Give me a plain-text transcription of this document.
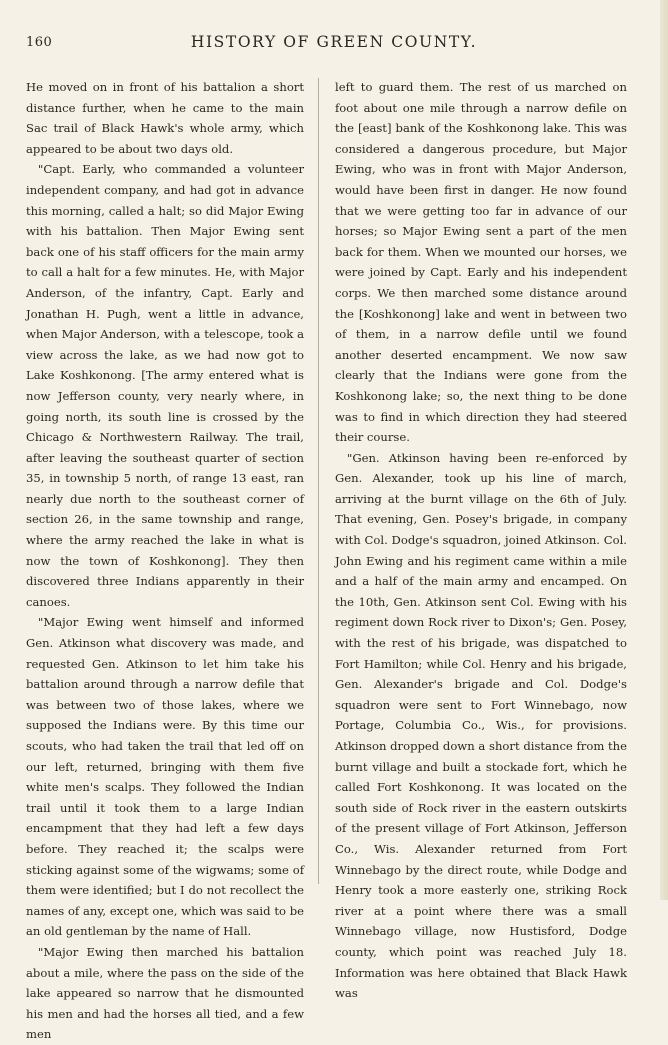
160	HISTORY OF GREEN COUNTY.

He moved on in front of his battalion a short distance further, when he came to the main Sac trail of Black Hawk's whole army, which appeared to be about two days old.

"Capt. Early, who commanded a volunteer independent company, and had got in advance this morning, called a halt; so did Major Ewing with his battalion. Then Major Ewing sent back one of his staff officers for the main army to call a halt for a few minutes. He, with Major Anderson, of the infantry, Capt. Early and Jonathan H. Pugh, went a little in advance, when Major Anderson, with a telescope, took a view across the lake, as we had now got to Lake Koshkonong. [The army entered what is now Jefferson county, very nearly where, in going north, its south line is crossed by the Chicago & Northwestern Railway. The trail, after leaving the southeast quarter of section 35, in township 5 north, of range 13 east, ran nearly due north to the southeast corner of section 26, in the same township and range, where the army reached the lake in what is now the town of Koshkonong]. They then discovered three Indians apparently in their canoes.

"Major Ewing went himself and informed Gen. Atkinson what discovery was made, and requested Gen. Atkinson to let him take his battalion around through a narrow defile that was between two of those lakes, where we supposed the Indians were. By this time our scouts, who had taken the trail that led off on our left, returned, bringing with them five white men's scalps. They followed the Indian trail until it took them to a large Indian encampment that they had left a few days before. They reached it; the scalps were sticking against some of the wigwams; some of them were identified; but I do not recollect the names of any, except one, which was said to be an old gentleman by the name of Hall.

"Major Ewing then marched his battalion about a mile, where the pass on the side of the lake appeared so narrow that he dismounted his men and had the horses all tied, and a few men

left to guard them. The rest of us marched on foot about one mile through a narrow defile on the [east] bank of the Koshkonong lake. This was considered a dangerous procedure, but Major Ewing, who was in front with Major Anderson, would have been first in danger. He now found that we were getting too far in advance of our horses; so Major Ewing sent a part of the men back for them. When we mounted our horses, we were joined by Capt. Early and his independent corps. We then marched some distance around the [Koshkonong] lake and went in between two of them, in a narrow defile until we found another deserted encampment. We now saw clearly that the Indians were gone from the Koshkonong lake; so, the next thing to be done was to find in which direction they had steered their course.

"Gen. Atkinson having been re-enforced by Gen. Alexander, took up his line of march, arriving at the burnt village on the 6th of July. That evening, Gen. Posey's brigade, in company with Col. Dodge's squadron, joined Atkinson. Col. John Ewing and his regiment came within a mile and a half of the main army and encamped. On the 10th, Gen. Atkinson sent Col. Ewing with his regiment down Rock river to Dixon's; Gen. Posey, with the rest of his brigade, was dispatched to Fort Hamilton; while Col. Henry and his brigade, Gen. Alexander's brigade and Col. Dodge's squadron were sent to Fort Winnebago, now Portage, Columbia Co., Wis., for provisions. Atkinson dropped down a short distance from the burnt village and built a stockade fort, which he called Fort Koshkonong. It was located on the south side of Rock river in the eastern outskirts of the present village of Fort Atkinson, Jefferson Co., Wis. Alexander returned from Fort Winnebago by the direct route, while Dodge and Henry took a more easterly one, striking Rock river at a point where there was a small Winnebago village, now Hustisford, Dodge county, which point was reached July 18. Information was here obtained that Black Hawk was
